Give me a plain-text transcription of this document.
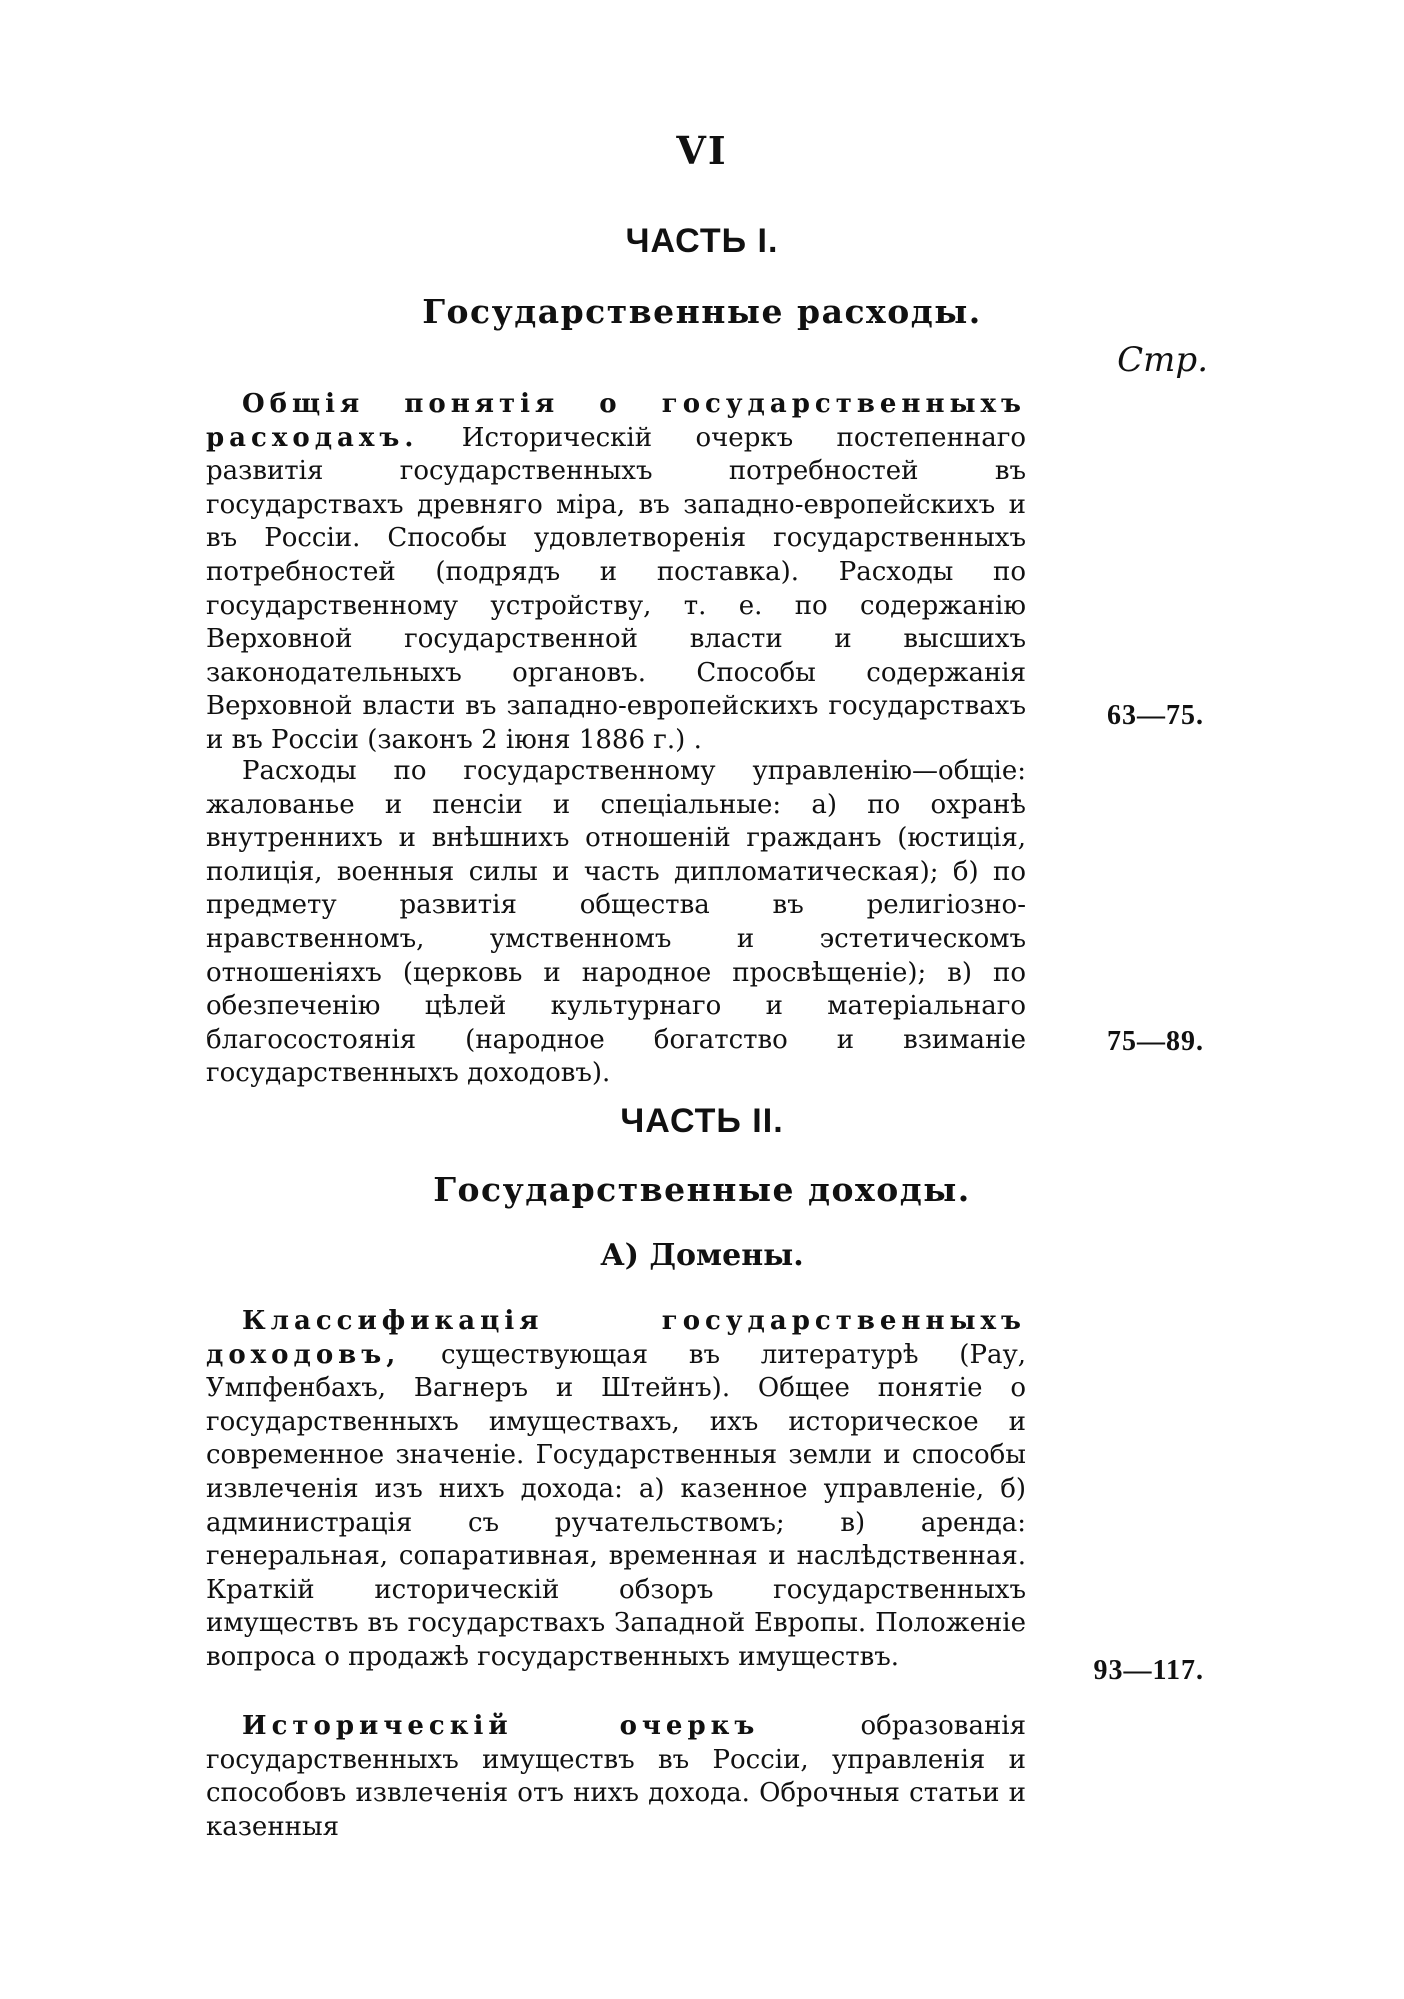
VI
ЧАСТЬ I.
Государственные расходы.
Стр.
Общія понятія о государственныхъ расходахъ. Историческій очеркъ постепеннаго развитія государственныхъ потребностей въ государствахъ древняго міра, въ западно-европейскихъ и въ Россіи. Способы удовлетворенія государственныхъ потребностей (подрядъ и поставка). Расходы по государственному устройству, т. е. по содержанію Верховной государственной власти и высшихъ законодательныхъ органовъ. Способы содержанія Верховной власти въ западно-европейскихъ государствахъ и въ Россіи (законъ 2 іюня 1886 г.) .
63—75.
Расходы по государственному управленію—общіе: жалованье и пенсіи и спеціальные: а) по охранѣ внутреннихъ и внѣшнихъ отношеній гражданъ (юстиція, полиція, военныя силы и часть дипломатическая); б) по предмету развитія общества въ религіозно-нравственномъ, умственномъ и эстетическомъ отношеніяхъ (церковь и народное просвѣщеніе); в) по обезпеченію цѣлей культурнаго и матеріальнаго благосостоянія (народное богатство и взиманіе государственныхъ доходовъ).
75—89.
ЧАСТЬ II.
Государственные доходы.
А) Домены.
Классификація государственныхъ доходовъ, существующая въ литературѣ (Рау, Умпфенбахъ, Вагнеръ и Штейнъ). Общее понятіе о государственныхъ имуществахъ, ихъ историческое и современное значеніе. Государственныя земли и способы извлеченія изъ нихъ дохода: а) казенное управленіе, б) администрація съ ручательствомъ; в) аренда: генеральная, сопаративная, временная и наслѣдственная. Краткій историческій обзоръ государственныхъ имуществъ въ государствахъ Западной Европы. Положеніе вопроса о продажѣ государственныхъ имуществъ.	93—117.
Историческій очеркъ	образованія государственныхъ имуществъ въ Россіи, управленія и способовъ извлеченія отъ нихъ дохода. Оброчныя статьи и казенныя
